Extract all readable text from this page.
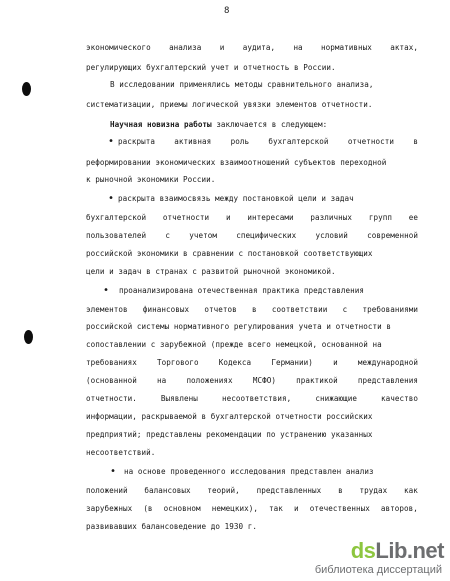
8
экономического анализа и аудита, на нормативных актах,
регулирующих бухгалтерский учет и отчетность в России.
В исследовании применялись методы сравнительного анализа,
систематизации, приемы логической увязки элементов отчетности.
Научная новизна работы заключается в следующем:
раскрыта	активная	роль	бухгалтерской	отчетности	в
•
реформировании экономических взаимоотношений субъектов переходной
к рыночной экономики России.
раскрыта взаимосвязь между постановкой цели и задач
•
бухгалтерской отчетности и интересами различных групп ее
пользователей	с	учетом	специфических	условий	современной
российской экономики в сравнении с постановкой соответствующих
цели и задач в странах с развитой рыночной экономикой.
проанализирована отечественная практика представления
•
элементов финансовых отчетов в соответствии с требованиями
российской системы нормативного регулирования учета и отчетности в
сопоставлении с зарубежной (прежде всего немецкой, основанной на
требованиях	Торгового	Кодекса	Германии)	и	международной
(основанной	на	положениях	МСФО)	практикой	представления
отчетности.	Выявлены	несоответствия,	снижающие	качество
информации, раскрываемой в бухгалтерской отчетности российских
предприятий; представлены рекомендации по устранению указанных
несоответствий.
на основе проведенного исследования представлен анализ
•
положений балансовых теорий, представленных в трудах как
зарубежных (в основном немецких), так и отечественных авторов,
развивавших балансоведение до 1930 г.
dsLib.net
библиотека диссертаций
